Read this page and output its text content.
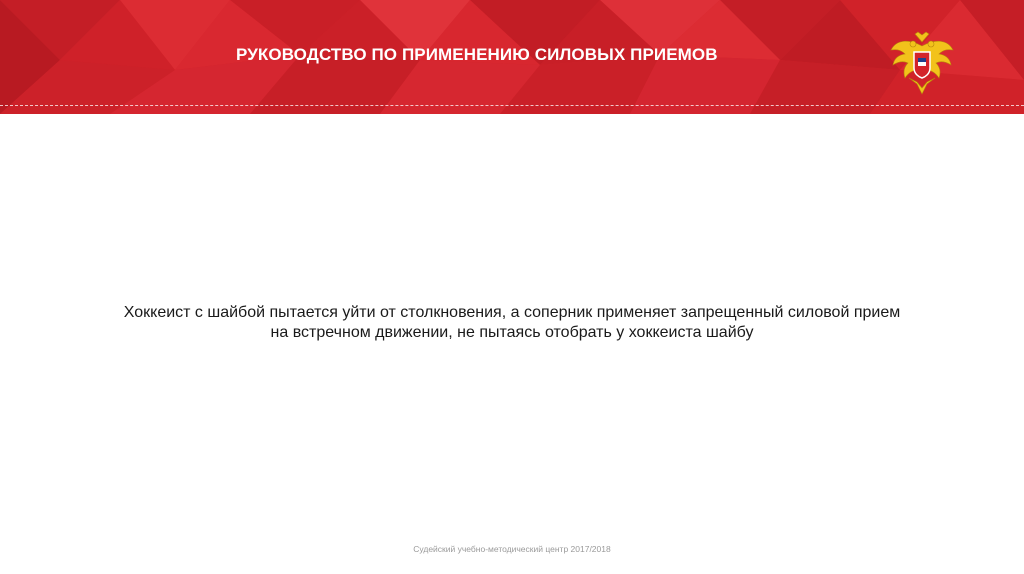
РУКОВОДСТВО ПО ПРИМЕНЕНИЮ СИЛОВЫХ ПРИЕМОВ
Хоккеист с шайбой пытается уйти от столкновения, а соперник применяет запрещенный силовой прием
на встречном движении, не пытаясь отобрать у хоккеиста шайбу
Судейский учебно-методический центр 2017/2018
